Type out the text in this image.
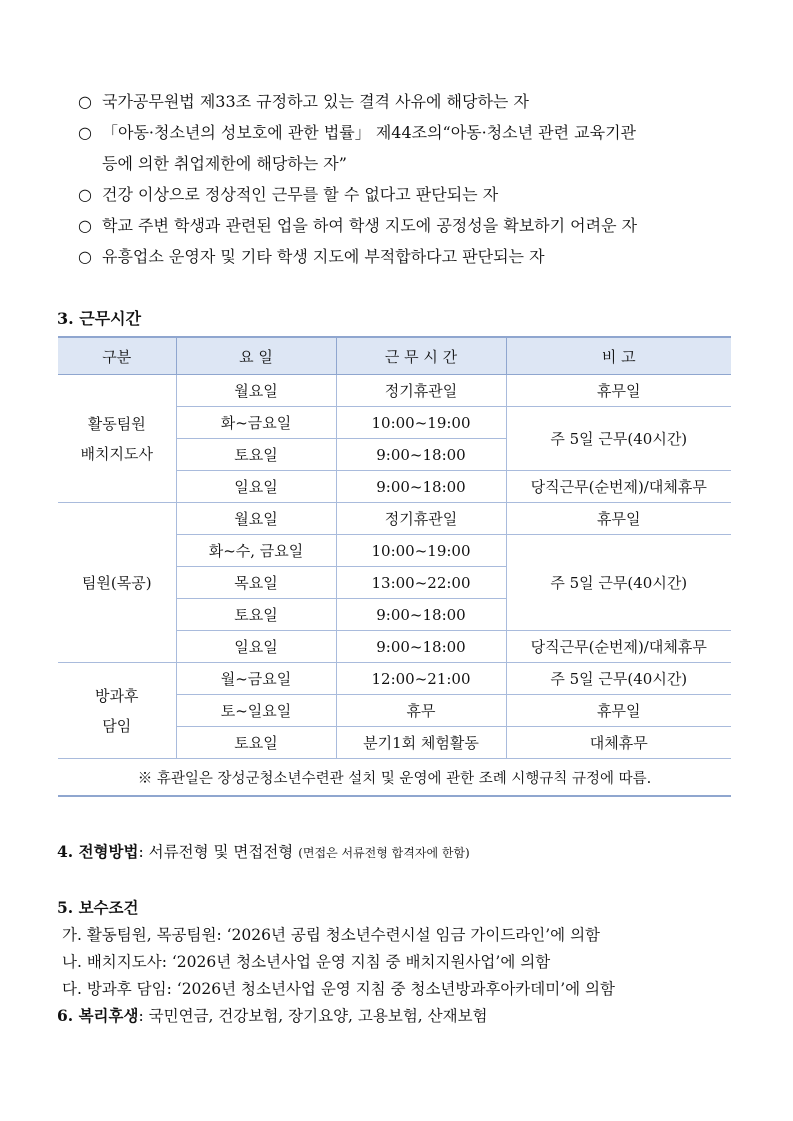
○ 국가공무원법 제33조 규정하고 있는 결격 사유에 해당하는 자
○ 「아동·청소년의 성보호에 관한 법률」 제44조의“아동·청소년 관련 교육기관
등에 의한 취업제한에 해당하는 자”
○ 건강 이상으로 정상적인 근무를 할 수 없다고 판단되는 자
○ 학교 주변 학생과 관련된 업을 하여 학생 지도에 공정성을 확보하기 어려운 자
○ 유흥업소 운영자 및 기타 학생 지도에 부적합하다고 판단되는 자
3. 근무시간
구분	요 일	근 무 시 간	비 고

활동팀원
배치지도사	월요일	정기휴관일	휴무일
	화~금요일	10:00~19:00	주 5일 근무(40시간)
	토요일	9:00~18:00	
	일요일	9:00~18:00	당직근무(순번제)/대체휴무

팀원(목공)	월요일	정기휴관일	휴무일
	화~수, 금요일	10:00~19:00	주 5일 근무(40시간)
	목요일	13:00~22:00	
	토요일	9:00~18:00	
	일요일	9:00~18:00	당직근무(순번제)/대체휴무

방과후
담임	월~금요일	12:00~21:00	주 5일 근무(40시간)
	토~일요일	휴무	휴무일
	토요일	분기1회 체험활동	대체휴무
※ 휴관일은 장성군청소년수련관 설치 및 운영에 관한 조례 시행규칙 규정에 따름.			
4. 전형방법: 서류전형 및 면접전형 (면접은 서류전형 합격자에 한함)
5. 보수조건
가. 활동팀원, 목공팀원: ‘2026년 공립 청소년수련시설 임금 가이드라인’에 의함
나. 배치지도사: ‘2026년 청소년사업 운영 지침 중 배치지원사업’에 의함
다. 방과후 담임: ‘2026년 청소년사업 운영 지침 중 청소년방과후아카데미’에 의함
6. 복리후생: 국민연금, 건강보험, 장기요양, 고용보험, 산재보험
